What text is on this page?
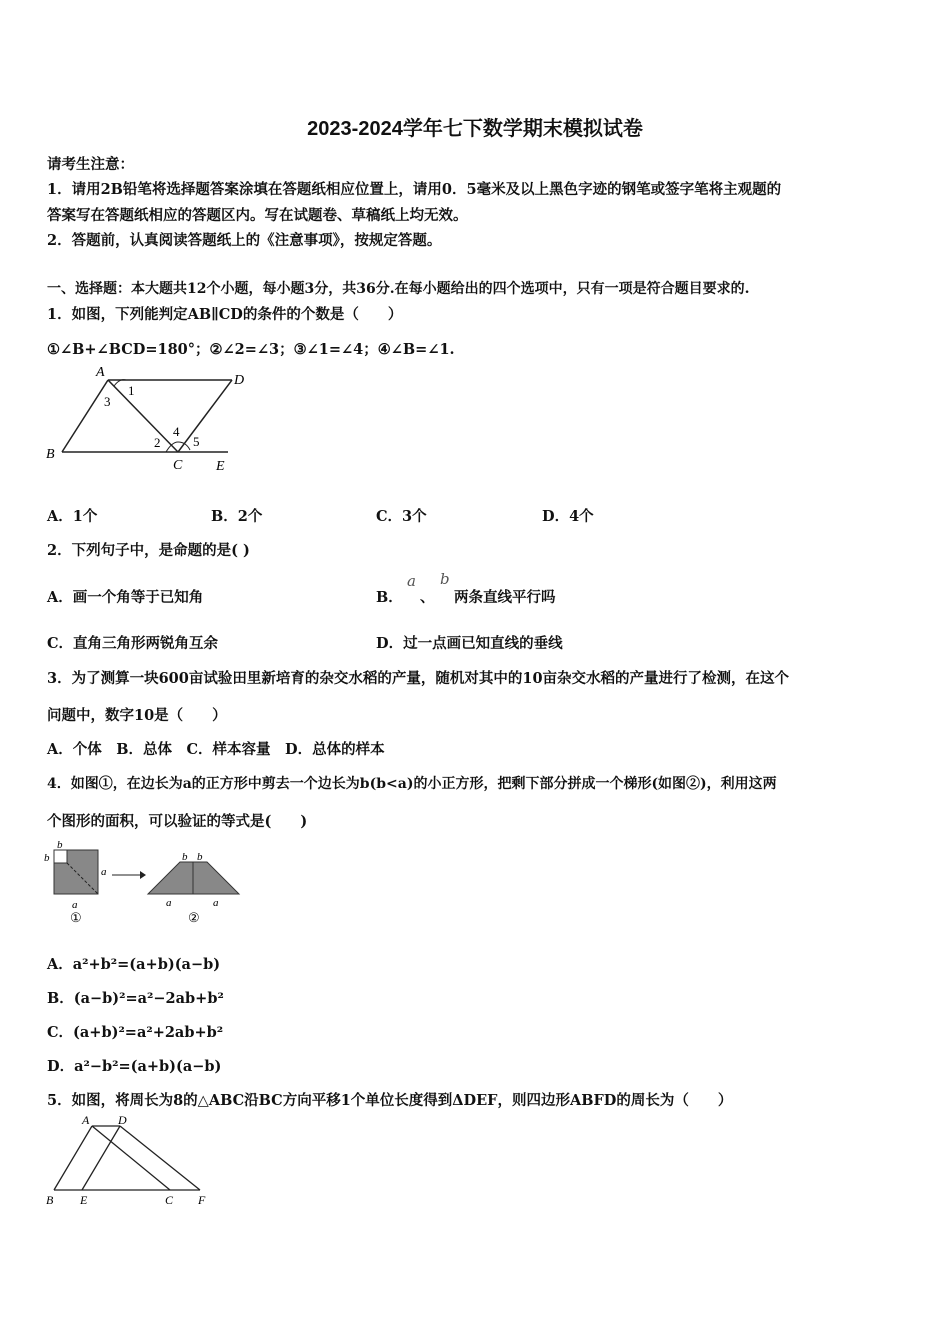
2023-2024学年七下数学期末模拟试卷
请考生注意：
1．请用2B铅笔将选择题答案涂填在答题纸相应位置上，请用0．5毫米及以上黑色字迹的钢笔或签字笔将主观题的
答案写在答题纸相应的答题区内。写在试题卷、草稿纸上均无效。
2．答题前，认真阅读答题纸上的《注意事项》，按规定答题。
一、选择题：本大题共12个小题，每小题3分，共36分.在每小题给出的四个选项中，只有一项是符合题目要求的.
1．如图，下列能判定AB∥CD的条件的个数是（　　）
①∠B+∠BCD=180°；②∠2=∠3；③∠1=∠4；④∠B=∠1.
A
D
B
C E
1
3
2
4
5
A．1个	B．2个	C．3个	D．4个
2．下列句子中，是命题的是( )
A．画一个角等于已知角	B．
a
、
b
两条直线平行吗
C．直角三角形两锐角互余	D．过一点画已知直线的垂线
3．为了测算一块600亩试验田里新培育的杂交水稻的产量，随机对其中的10亩杂交水稻的产量进行了检测，在这个
问题中，数字10是（　　）
A．个体　B．总体　C．样本容量　D．总体的样本
4．如图①，在边长为a的正方形中剪去一个边长为b(b<a)的小正方形，把剩下部分拼成一个梯形(如图②)，利用这两
个图形的面积，可以验证的等式是(　　)
b
b
a
a
①
b b
a	a
②
A．a²+b²=(a+b)(a−b)
B．(a−b)²=a²−2ab+b²
C．(a+b)²=a²+2ab+b²
D．a²−b²=(a+b)(a−b)
5．如图，将周长为8的△ABC沿BC方向平移1个单位长度得到ΔDEF，则四边形ABFD的周长为（　　）
A D
B E	C F
